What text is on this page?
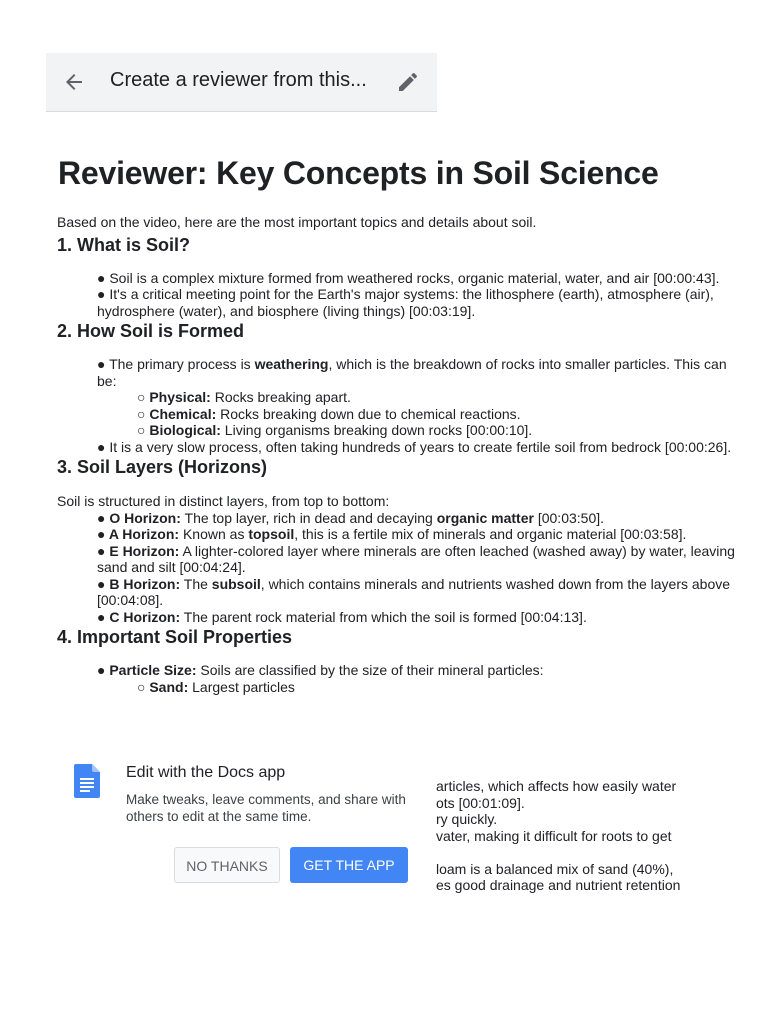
Create a reviewer from this...
Reviewer: Key Concepts in Soil Science
Based on the video, here are the most important topics and details about soil.
1. What is Soil?
● Soil is a complex mixture formed from weathered rocks, organic material, water, and air [00:00:43].
● It's a critical meeting point for the Earth's major systems: the lithosphere (earth), atmosphere (air), hydrosphere (water), and biosphere (living things) [00:03:19].
2. How Soil is Formed
● The primary process is weathering, which is the breakdown of rocks into smaller particles. This can be:
○ Physical: Rocks breaking apart.
○ Chemical: Rocks breaking down due to chemical reactions.
○ Biological: Living organisms breaking down rocks [00:00:10].
● It is a very slow process, often taking hundreds of years to create fertile soil from bedrock [00:00:26].
3. Soil Layers (Horizons)
Soil is structured in distinct layers, from top to bottom:
● O Horizon: The top layer, rich in dead and decaying organic matter [00:03:50].
● A Horizon: Known as topsoil, this is a fertile mix of minerals and organic material [00:03:58].
● E Horizon: A lighter-colored layer where minerals are often leached (washed away) by water, leaving sand and silt [00:04:24].
● B Horizon: The subsoil, which contains minerals and nutrients washed down from the layers above [00:04:08].
● C Horizon: The parent rock material from which the soil is formed [00:04:13].
4. Important Soil Properties
● Particle Size: Soils are classified by the size of their mineral particles:
○ Sand: Largest particles
articles, which affects how easily water
ots [00:01:09].
ry quickly.
vater, making it difficult for roots to get
loam is a balanced mix of sand (40%),
es good drainage and nutrient retention
Edit with the Docs app
Make tweaks, leave comments, and share with others to edit at the same time.
NO THANKS	GET THE APP
